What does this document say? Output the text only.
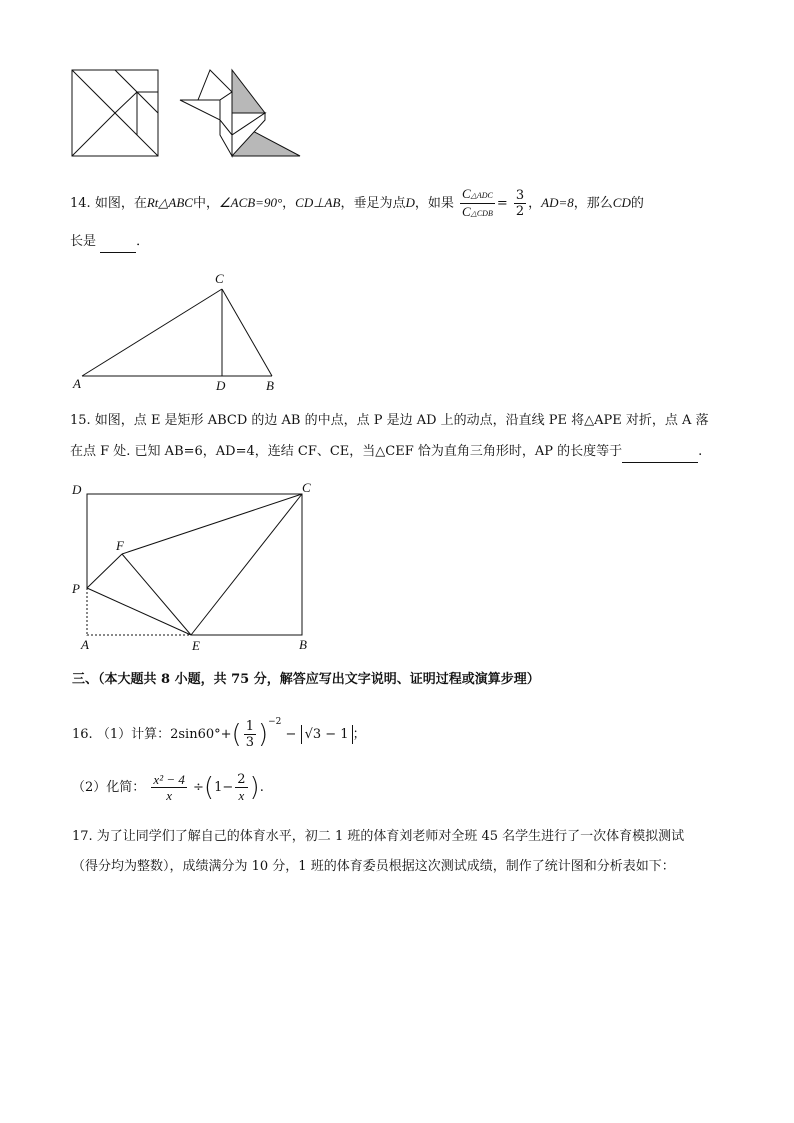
14. 如图，在Rt△ABC中，∠ACB=90°，CD⊥AB，垂足为点D，如果 $\frac{\text{C△ADC}}{\text{C△CDB}} = \frac{3}{2}$ ，AD=8，那么CD的
长是	．
C
A	D	B
15. 如图，点 E 是矩形 ABCD 的边 AB 的中点，点 P 是边 AD 上的动点，沿直线 PE 将△APE 对折，点 A 落
在点 F 处. 已知 AB=6，AD=4，连结 CF、CE，当△CEF 恰为直角三角形时，AP 的长度等于	.
D	C
F
P
A	E	B
三、（本大题共 8 小题，共 75 分，解答应写出文字说明、证明过程或演算步理）
16. （1）计算：$2\sin 60^\circ+( \frac{1}{3} )^{-2} - √3 - 1$ ；
（2）化简： $\frac{\text{x² − 4}}{x} \div(1- \frac{2}{x}$ ).
17. 为了让同学们了解自己的体育水平，初二 1 班的体育刘老师对全班 45 名学生进行了一次体育模拟测试
（得分均为整数），成绩满分为 10 分，1 班的体育委员根据这次测试成绩，制作了统计图和分析表如下：
